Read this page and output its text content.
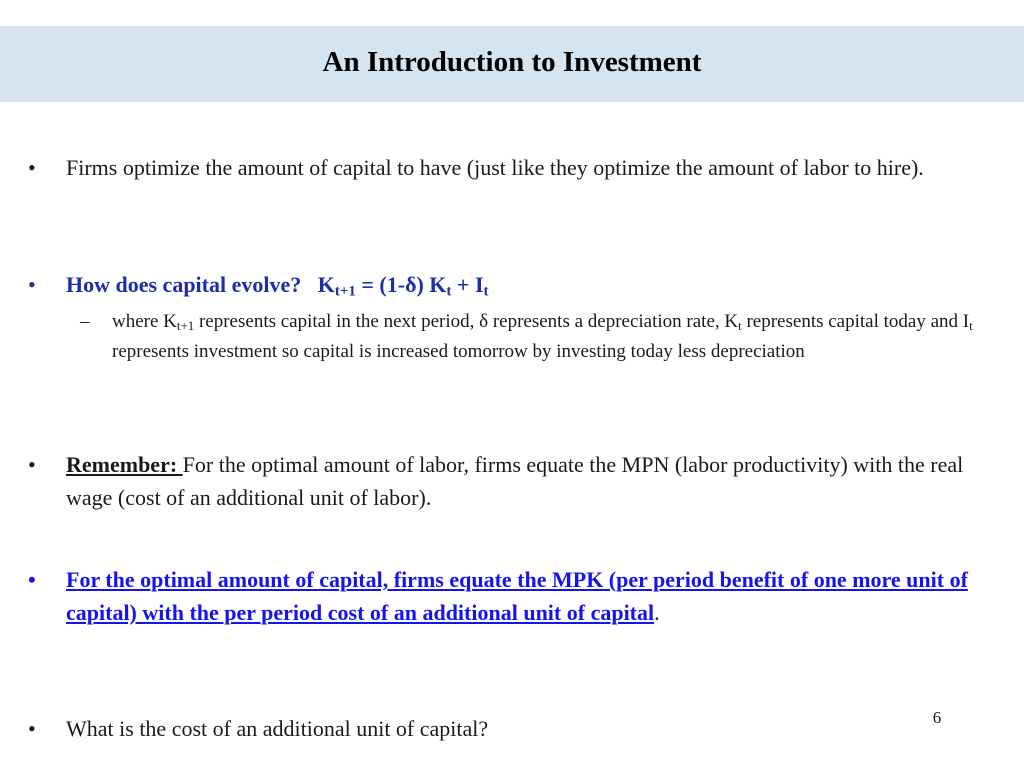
An Introduction to Investment
• Firms optimize the amount of capital to have (just like they optimize the amount of labor to hire).
• How does capital evolve? $K_{t+1} = (1-\delta) K_t + I_t$
– where $K_{t+1}$ represents capital in the next period, δ represents a depreciation rate, $K_t$ represents capital today and $I_t$ represents investment so capital is increased tomorrow by investing today less depreciation
• Remember: For the optimal amount of labor, firms equate the MPN (labor productivity) with the real wage (cost of an additional unit of labor).
• For the optimal amount of capital, firms equate the MPK (per period benefit of one more unit of capital) with the per period cost of an additional unit of capital.
• What is the cost of an additional unit of capital?	6
